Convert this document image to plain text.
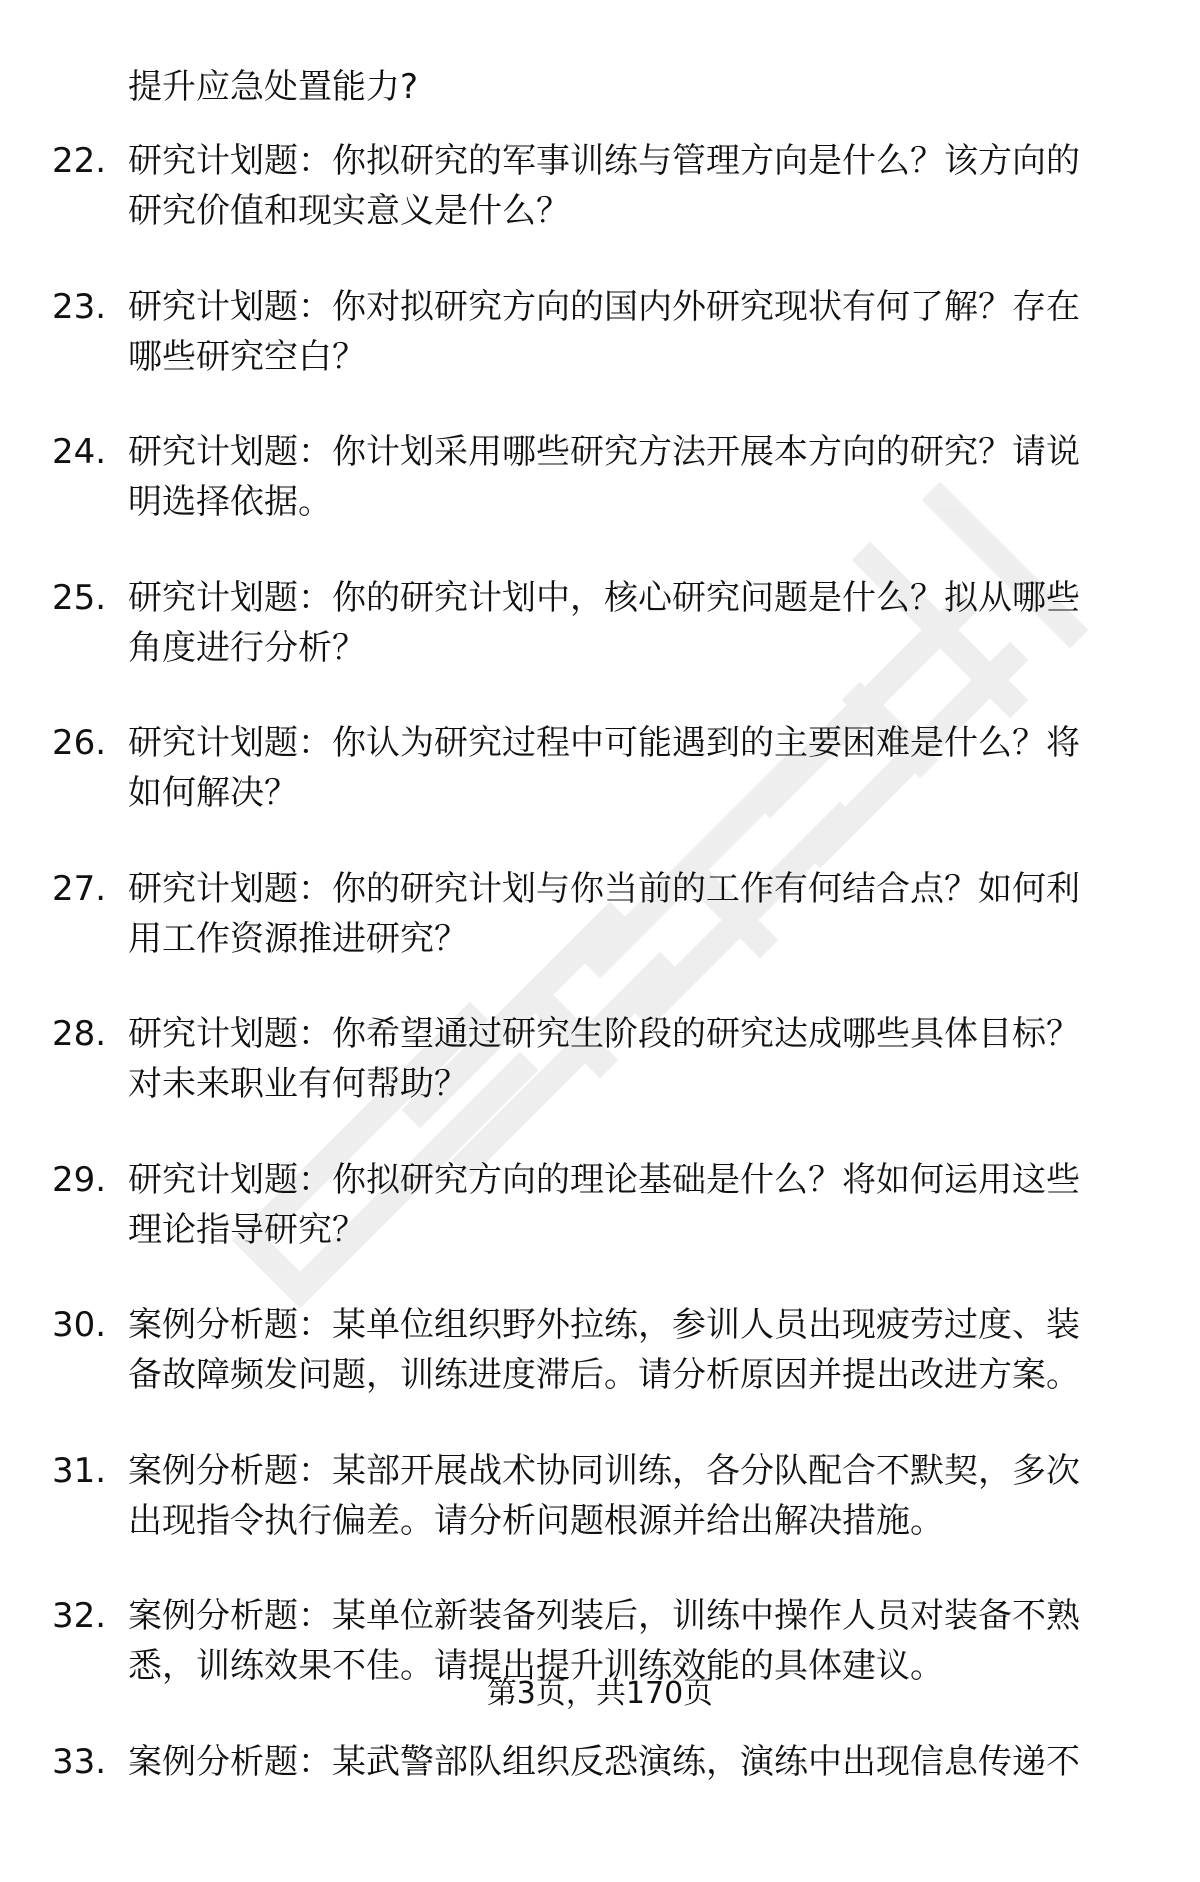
提升应急处置能力?
22. 研究计划题：你拟研究的军事训练与管理方向是什么？该方向的
研究价值和现实意义是什么？
23. 研究计划题：你对拟研究方向的国内外研究现状有何了解？存在
哪些研究空白？
24. 研究计划题：你计划采用哪些研究方法开展本方向的研究？请说
明选择依据。
25. 研究计划题：你的研究计划中，核心研究问题是什么？拟从哪些
角度进行分析？
26. 研究计划题：你认为研究过程中可能遇到的主要困难是什么？将
如何解决？
27. 研究计划题：你的研究计划与你当前的工作有何结合点？如何利
用工作资源推进研究？
28. 研究计划题：你希望通过研究生阶段的研究达成哪些具体目标？
对未来职业有何帮助？
29. 研究计划题：你拟研究方向的理论基础是什么？将如何运用这些
理论指导研究？
30. 案例分析题：某单位组织野外拉练，参训人员出现疲劳过度、装
备故障频发问题，训练进度滞后。请分析原因并提出改进方案。
31. 案例分析题：某部开展战术协同训练，各分队配合不默契，多次
出现指令执行偏差。请分析问题根源并给出解决措施。
32. 案例分析题：某单位新装备列装后，训练中操作人员对装备不熟
悉，训练效果不佳。请提出提升训练效能的具体建议。
33. 案例分析题：某武警部队组织反恐演练，演练中出现信息传递不
第3页，共170页
